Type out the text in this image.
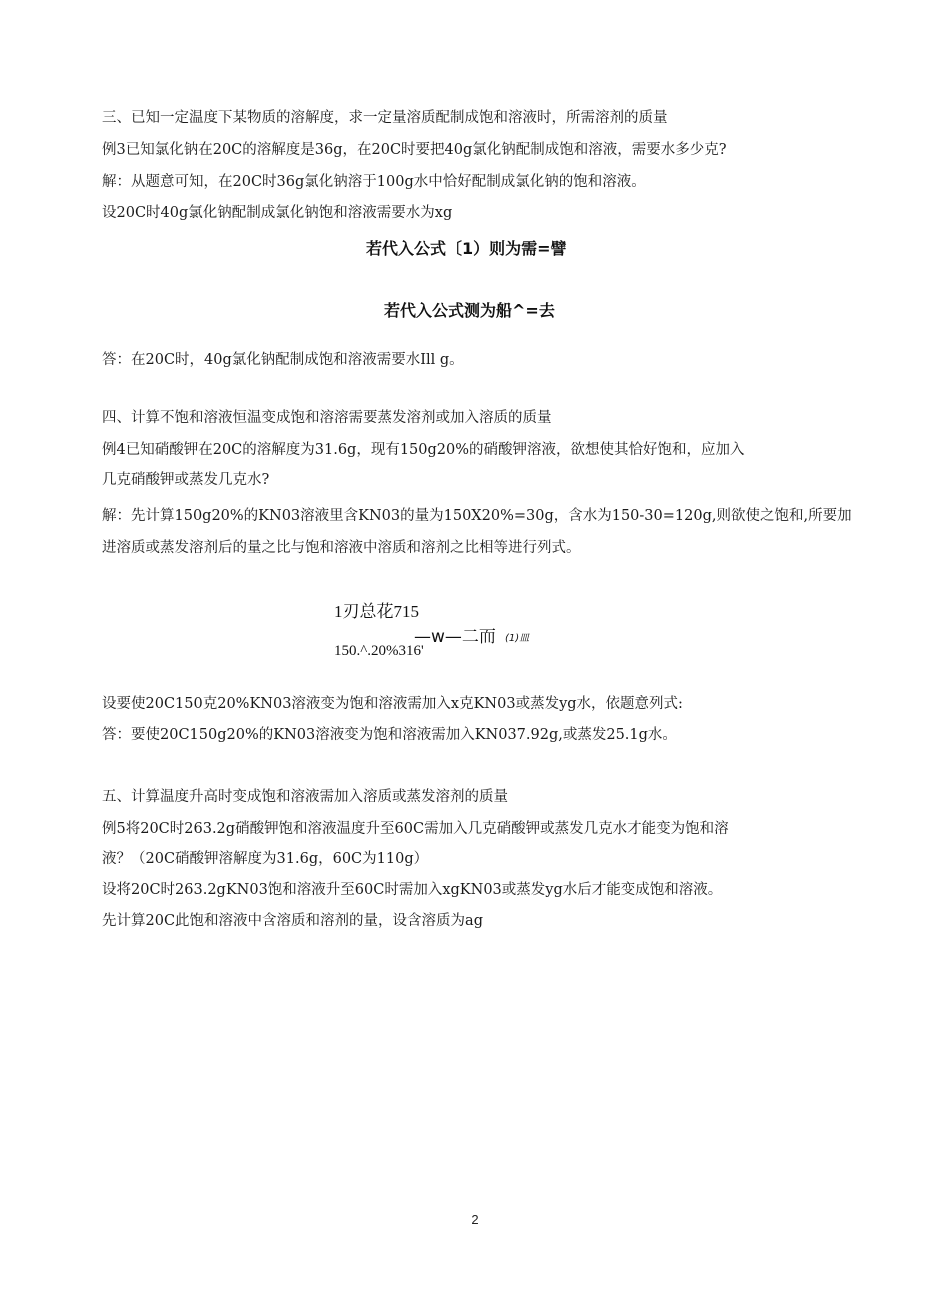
三、已知一定温度下某物质的溶解度，求一定量溶质配制成饱和溶液时，所需溶剂的质量
例3已知氯化钠在20C的溶解度是36g，在20C时要把40g氯化钠配制成饱和溶液，需要水多少克?
解：从题意可知，在20C时36g氯化钠溶于100g水中恰好配制成氯化钠的饱和溶液。
设20C时40g氯化钠配制成氯化钠饱和溶液需要水为xg
若代入公式〔1）则为需=譬
若代入公式测为船^=去
答：在20C时，40g氯化钠配制成饱和溶液需要水Ill g。
四、计算不饱和溶液恒温变成饱和溶溶需要蒸发溶剂或加入溶质的质量
例4已知硝酸钾在20C的溶解度为31.6g，现有150g20%的硝酸钾溶液，欲想使其恰好饱和，应加入
几克硝酸钾或蒸发几克水?
解：先计算150g20%的KN03溶液里含KN03的量为150X20%=30g，含水为150-30=120g,则欲使之饱和,所要加进溶质或蒸发溶剂后的量之比与饱和溶液中溶质和溶剂之比相等进行列式。
1刃总花715
—w—二而 (1)皿
150.^.20%316'
设要使20C150克20%KN03溶液变为饱和溶液需加入x克KN03或蒸发yg水，依题意列式:
答：要使20C150g20%的KN03溶液变为饱和溶液需加入KN037.92g,或蒸发25.1g水。
五、计算温度升高时变成饱和溶液需加入溶质或蒸发溶剂的质量
例5将20C时263.2g硝酸钾饱和溶液温度升至60C需加入几克硝酸钾或蒸发几克水才能变为饱和溶
液？（20C硝酸钾溶解度为31.6g，60C为110g）
设将20C时263.2gKN03饱和溶液升至60C时需加入xgKN03或蒸发yg水后才能变成饱和溶液。
先计算20C此饱和溶液中含溶质和溶剂的量，设含溶质为ag
2
